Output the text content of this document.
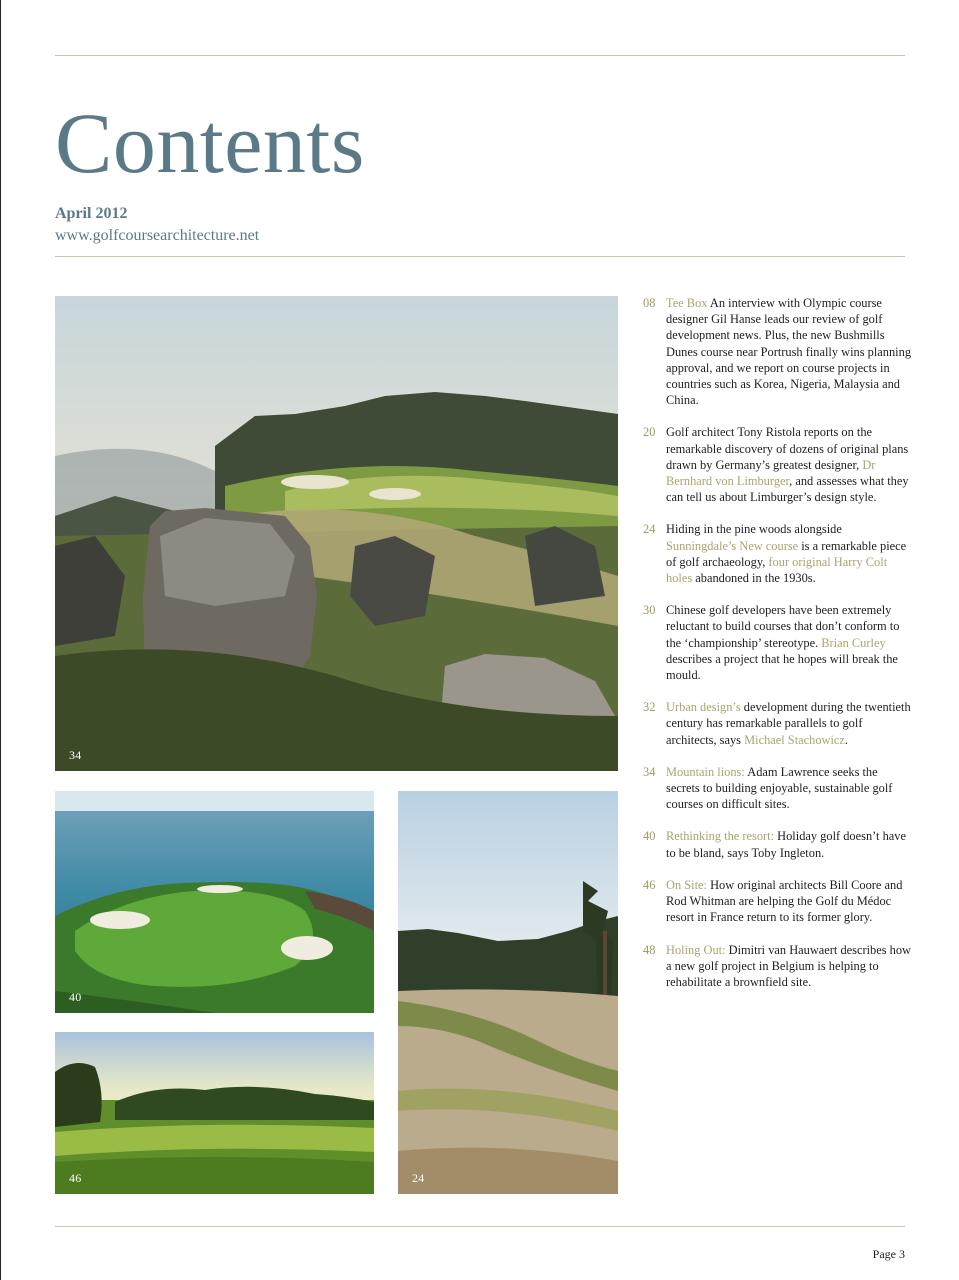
Contents
April 2012
www.golfcoursearchitecture.net
34
40
46	24
08 Tee Box An interview with Olympic course designer Gil Hanse leads our review of golf development news. Plus, the new Bushmills Dunes course near Portrush finally wins planning approval, and we report on course projects in countries such as Korea, Nigeria, Malaysia and China.
20 Golf architect Tony Ristola reports on the remarkable discovery of dozens of original plans drawn by Germany’s greatest designer, Dr Bernhard von Limburger, and assesses what they can tell us about Limburger’s design style.
24 Hiding in the pine woods alongside Sunningdale’s New course is a remarkable piece of golf archaeology, four original Harry Colt holes abandoned in the 1930s.
30 Chinese golf developers have been extremely reluctant to build courses that don’t conform to the ‘championship’ stereotype. Brian Curley describes a project that he hopes will break the mould.
32 Urban design’s development during the twentieth century has remarkable parallels to golf architects, says Michael Stachowicz.
34 Mountain lions: Adam Lawrence seeks the secrets to building enjoyable, sustainable golf courses on difficult sites.
40 Rethinking the resort: Holiday golf doesn’t have to be bland, says Toby Ingleton.
46 On Site: How original architects Bill Coore and Rod Whitman are helping the Golf du Médoc resort in France return to its former glory.
48 Holing Out: Dimitri van Hauwaert describes how a new golf project in Belgium is helping to rehabilitate a brownfield site.
Page 3
